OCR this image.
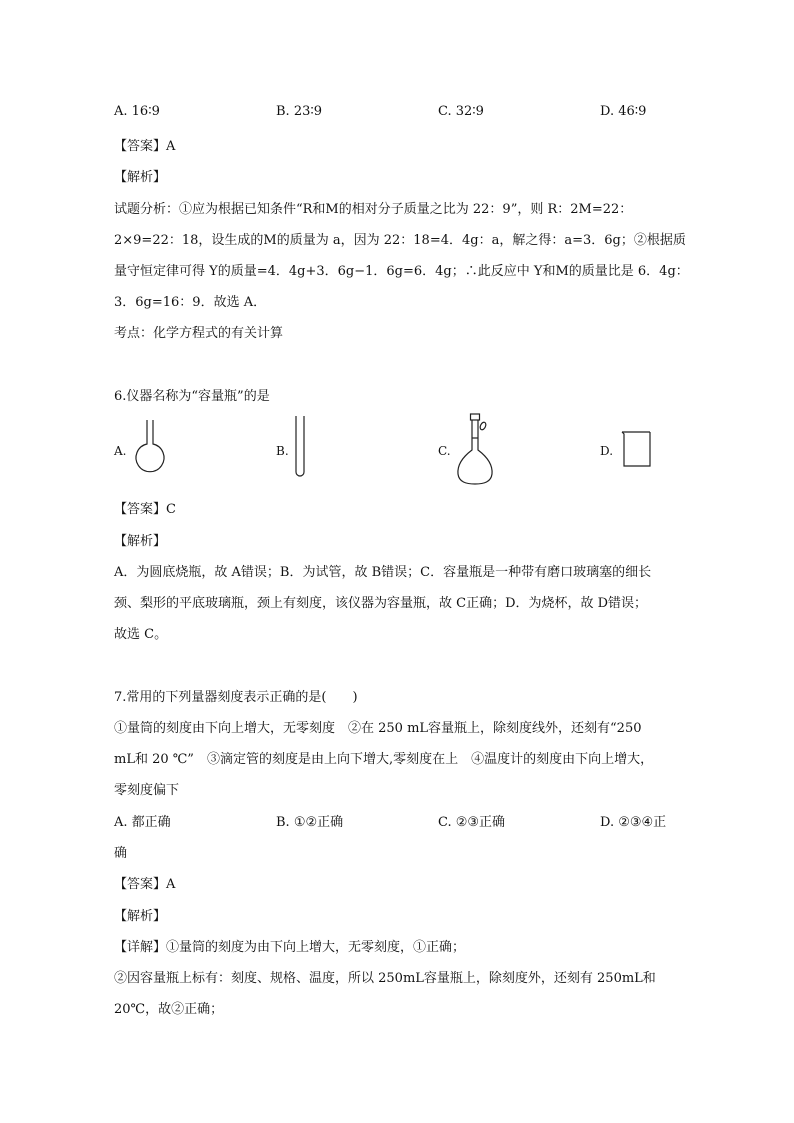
A. 16∶9	B. 23∶9	C. 32∶9	D. 46∶9
【答案】A
【解析】
试题分析：①应为根据已知条件“R和M的相对分子质量之比为 22：9”，则 R：2M=22：
2×9=22：18，设生成的M的质量为 a，因为 22：18=4．4g：a，解之得：a=3．6g；②根据质
量守恒定律可得 Y的质量=4．4g+3．6g−1．6g=6．4g；∴此反应中 Y和M的质量比是 6．4g：
3．6g=16：9．故选 A．
考点：化学方程式的有关计算
6.仪器名称为“容量瓶”的是
A.	B.	C.	D.
【答案】C
【解析】
A．为圆底烧瓶，故 A错误；B．为试管，故 B错误；C．容量瓶是一种带有磨口玻璃塞的细长
颈、梨形的平底玻璃瓶，颈上有刻度，该仪器为容量瓶，故 C正确；D．为烧杯，故 D错误；
故选 C。
7.常用的下列量器刻度表示正确的是(　　)
①量筒的刻度由下向上增大，无零刻度　②在 250 mL容量瓶上，除刻度线外，还刻有“250
mL和 20 ℃”　③滴定管的刻度是由上向下增大,零刻度在上　④温度计的刻度由下向上增大，
零刻度偏下
A. 都正确	B. ①②正确	C. ②③正确	D. ②③④正
确
【答案】A
【解析】
【详解】①量筒的刻度为由下向上增大，无零刻度，①正确；
②因容量瓶上标有：刻度、规格、温度，所以 250mL容量瓶上，除刻度外，还刻有 250mL和
20℃，故②正确；
